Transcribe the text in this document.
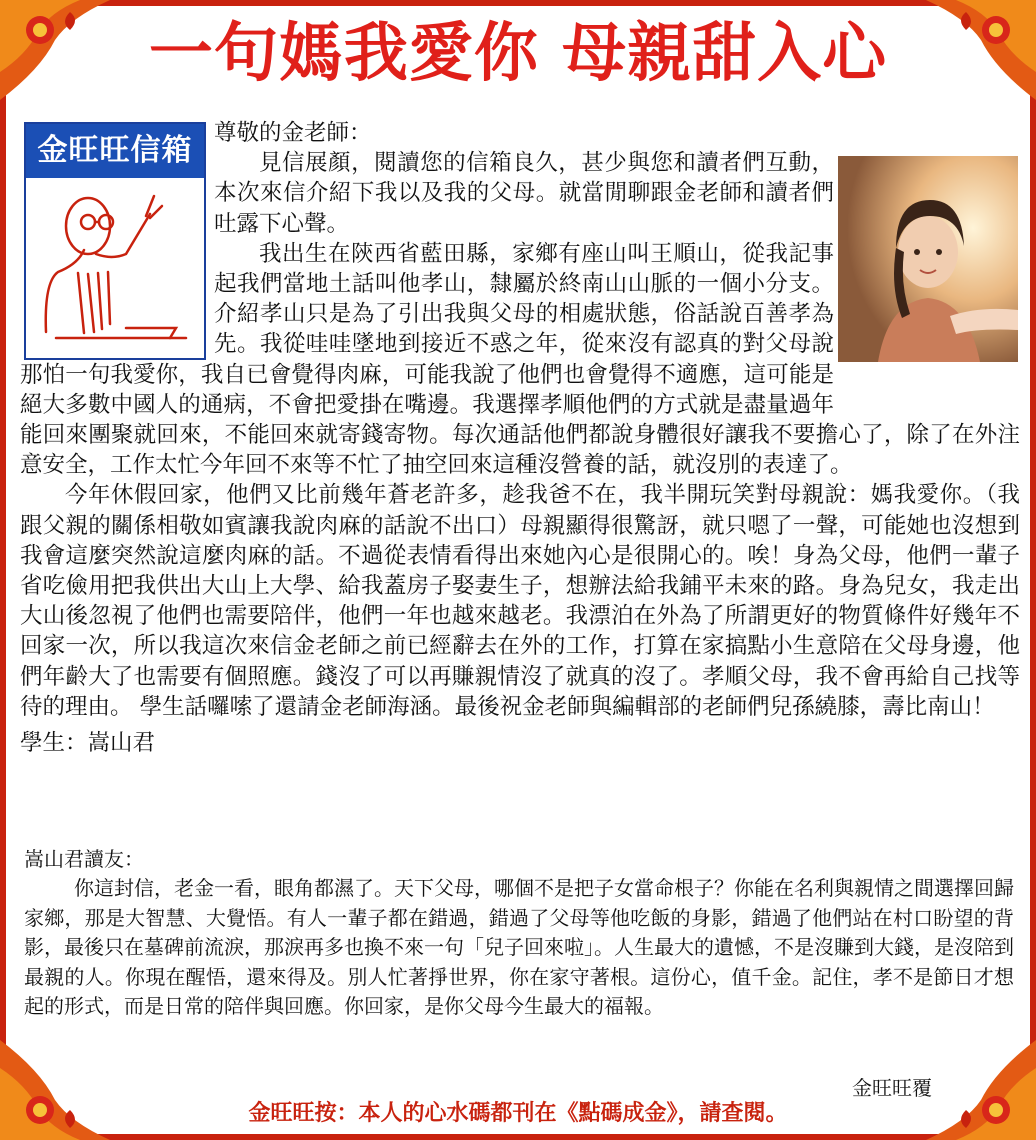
一句媽我愛你 母親甜入心
金旺旺信箱 尊敬的金老師：

見信展顏，閱讀您的信箱良久，甚少與您和讀者們互動，本次來信介紹下我以及我的父母。就當閒聊跟金老師和讀者們吐露下心聲。

我出生在陝西省藍田縣，家鄉有座山叫王順山，從我記事起我們當地土話叫他孝山，隸屬於終南山山脈的一個小分支。介紹孝山只是為了引出我與父母的相處狀態，俗話說百善孝為先。我從哇哇墜地到接近不惑之年，從來沒有認真的對父母說那怕一句我愛你，我自已會覺得肉麻，可能我說了他們也會覺得不適應，這可能是絕大多數中國人的通病，不會把愛掛在嘴邊。我選擇孝順他們的方式就是盡量過年能回來團聚就回來，不能回來就寄錢寄物。每次通話他們都說身體很好讓我不要擔心了，除了在外注意安全，工作太忙今年回不來等不忙了抽空回來這種沒營養的話，就沒別的表達了。

今年休假回家，他們又比前幾年蒼老許多，趁我爸不在，我半開玩笑對母親說：媽我愛你。（我跟父親的關係相敬如賓讓我說肉麻的話說不出口）母親顯得很驚訝，就只嗯了一聲，可能她也沒想到我會這麼突然說這麼肉麻的話。不過從表情看得出來她內心是很開心的。唉！身為父母，他們一輩子省吃儉用把我供出大山上大學、給我蓋房子娶妻生子，想辦法給我鋪平未來的路。身為兒女，我走出大山後忽視了他們也需要陪伴，他們一年也越來越老。我漂泊在外為了所謂更好的物質條件好幾年不回家一次，所以我這次來信金老師之前已經辭去在外的工作，打算在家搞點小生意陪在父母身邊，他們年齡大了也需要有個照應。錢沒了可以再賺親情沒了就真的沒了。孝順父母，我不會再給自己找等待的理由。 學生話囉嗦了還請金老師海涵。最後祝金老師與編輯部的老師們兒孫繞膝，壽比南山！

學生：嵩山君

嵩山君讀友：

你這封信，老金一看，眼角都濕了。天下父母，哪個不是把子女當命根子？你能在名利與親情之間選擇回歸家鄉，那是大智慧、大覺悟。有人一輩子都在錯過，錯過了父母等他吃飯的身影，錯過了他們站在村口盼望的背影，最後只在墓碑前流淚，那淚再多也換不來一句「兒子回來啦」。人生最大的遺憾，不是沒賺到大錢，是沒陪到最親的人。你現在醒悟，還來得及。別人忙著掙世界，你在家守著根。這份心，值千金。記住，孝不是節日才想起的形式，而是日常的陪伴與回應。你回家，是你父母今生最大的福報。

金旺旺覆
金旺旺按：本人的心水碼都刊在《點碼成金》，請查閱。
